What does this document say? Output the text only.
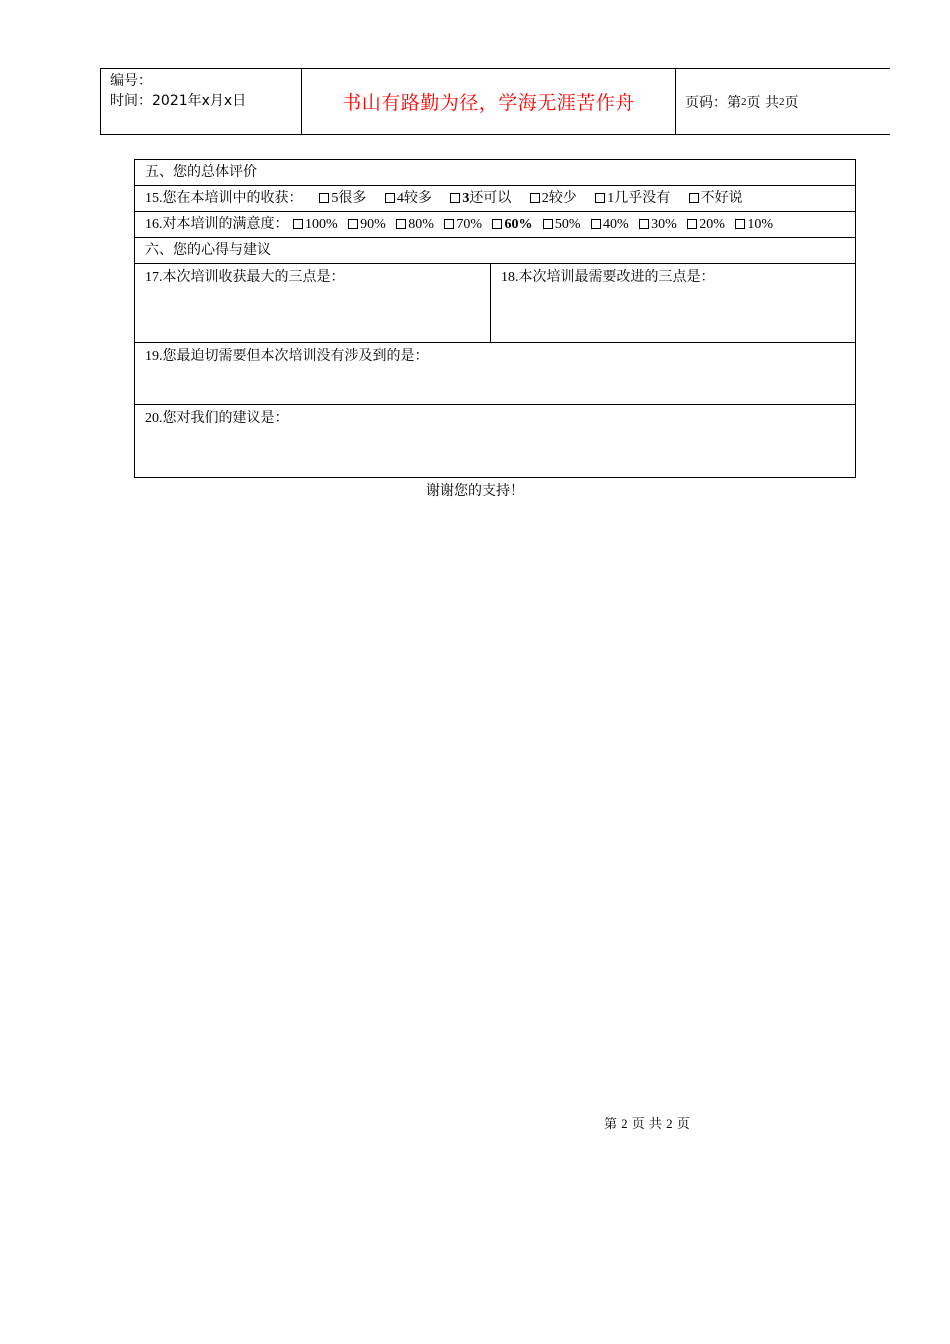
编号：
时间：2021年x月x日	书山有路勤为径，学海无涯苦作舟	页码：第 2 页 共 2 页
五、您的总体评价
15.您在本培训中的收获： 5很多 4较多 3还可以 2较少 1几乎没有 不好说
16.对本培训的满意度： 100% 90% 80% 70% 60% 50% 40% 30% 20% 10%
六、您的心得与建议
17.本次培训收获最大的三点是：	18.本次培训最需要改进的三点是：
19.您最迫切需要但本次培训没有涉及到的是：
20.您对我们的建议是：
谢谢您的支持！
第 2 页 共 2 页
